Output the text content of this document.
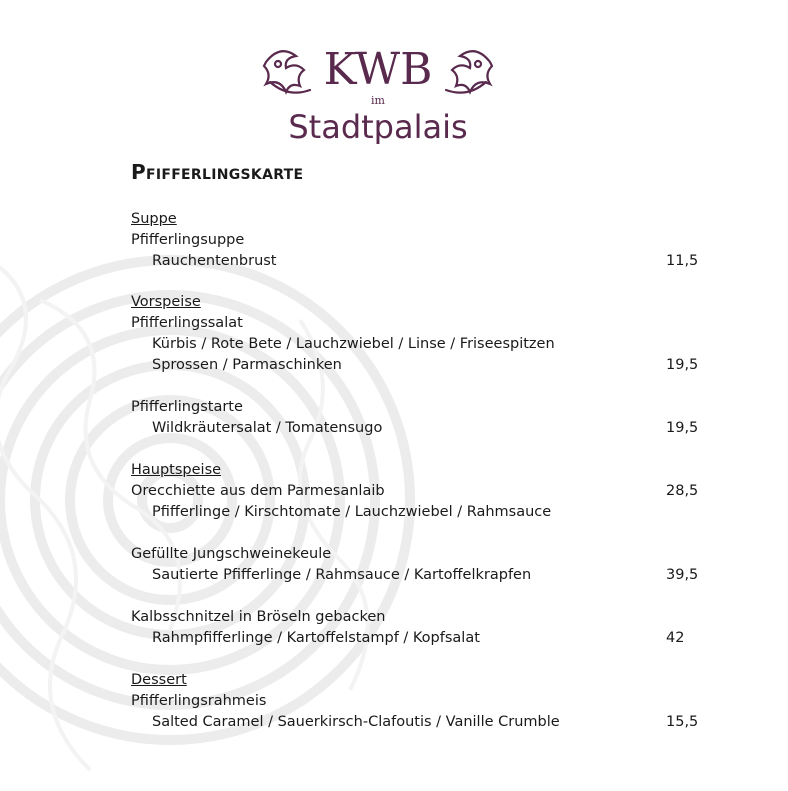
KWB
im
Stadtpalais
Pfifferlingskarte
Suppe
Pfifferlingsuppe
Rauchentenbrust	11,5
Vorspeise
Pfifferlingssalat
Kürbis / Rote Bete / Lauchzwiebel / Linse / Friseespitzen
Sprossen / Parmaschinken	19,5
Pfifferlingstarte
Wildkräutersalat / Tomatensugo	19,5
Hauptspeise
Orecchiette aus dem Parmesanlaib	28,5
Pfifferlinge / Kirschtomate / Lauchzwiebel / Rahmsauce
Gefüllte Jungschweinekeule
Sautierte Pfifferlinge / Rahmsauce / Kartoffelkrapfen	39,5
Kalbsschnitzel in Bröseln gebacken
Rahmpfifferlinge / Kartoffelstampf / Kopfsalat	42
Dessert
Pfifferlingsrahmeis
Salted Caramel / Sauerkirsch-Clafoutis / Vanille Crumble	15,5
